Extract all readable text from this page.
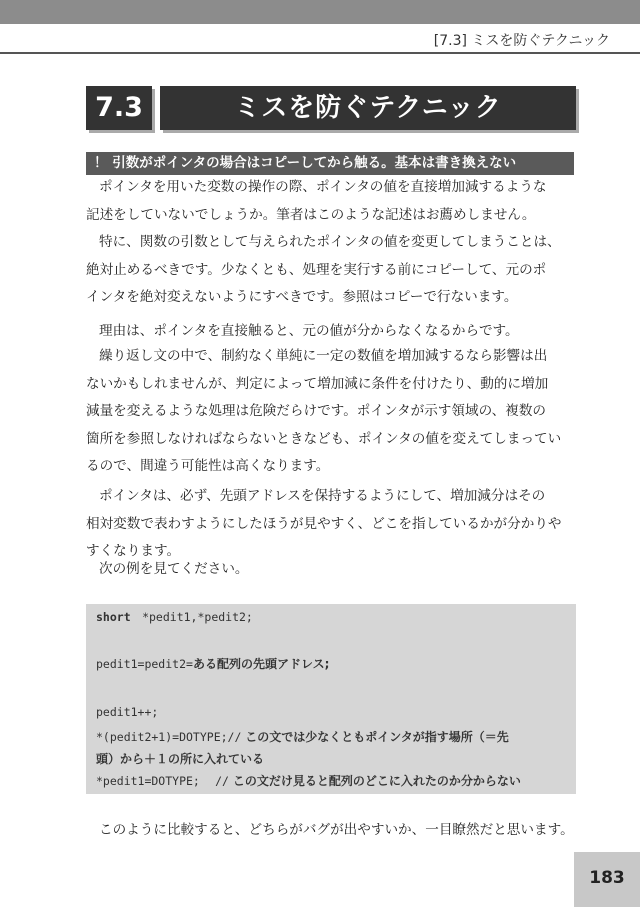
[7.3] ミスを防ぐテクニック
7.3	ミスを防ぐテクニック
！ 引数がポインタの場合はコピーしてから触る。基本は書き換えない

ポインタを用いた変数の操作の際、ポインタの値を直接増加減するような
記述をしていないでしょうか。筆者はこのような記述はお薦めしません。

特に、関数の引数として与えられたポインタの値を変更してしまうことは、
絶対止めるべきです。少なくとも、処理を実行する前にコピーして、元のポ
インタを絶対変えないようにすべきです。参照はコピーで行ないます。

理由は、ポインタを直接触ると、元の値が分からなくなるからです。

繰り返し文の中で、制約なく単純に一定の数値を増加減するなら影響は出
ないかもしれませんが、判定によって増加減に条件を付けたり、動的に増加
減量を変えるような処理は危険だらけです。ポインタが示す領域の、複数の
箇所を参照しなければならないときなども、ポインタの値を変えてしまってい
るので、間違う可能性は高くなります。

ポインタは、必ず、先頭アドレスを保持するようにして、増加減分はその
相対変数で表わすようにしたほうが見やすく、どこを指しているかが分かりや
すくなります。

次の例を見てください。

short *pedit1,*pedit2;
pedit1=pedit2=ある配列の先頭アドレス;
pedit1++;
*(pedit2+1)=DOTYPE;// この文では少なくともポインタが指す場所（＝先
頭）から＋１の所に入れている
*pedit1=DOTYPE; // この文だけ見ると配列のどこに入れたのか分からない

このように比較すると、どちらがバグが出やすいか、一目瞭然だと思います。

183
